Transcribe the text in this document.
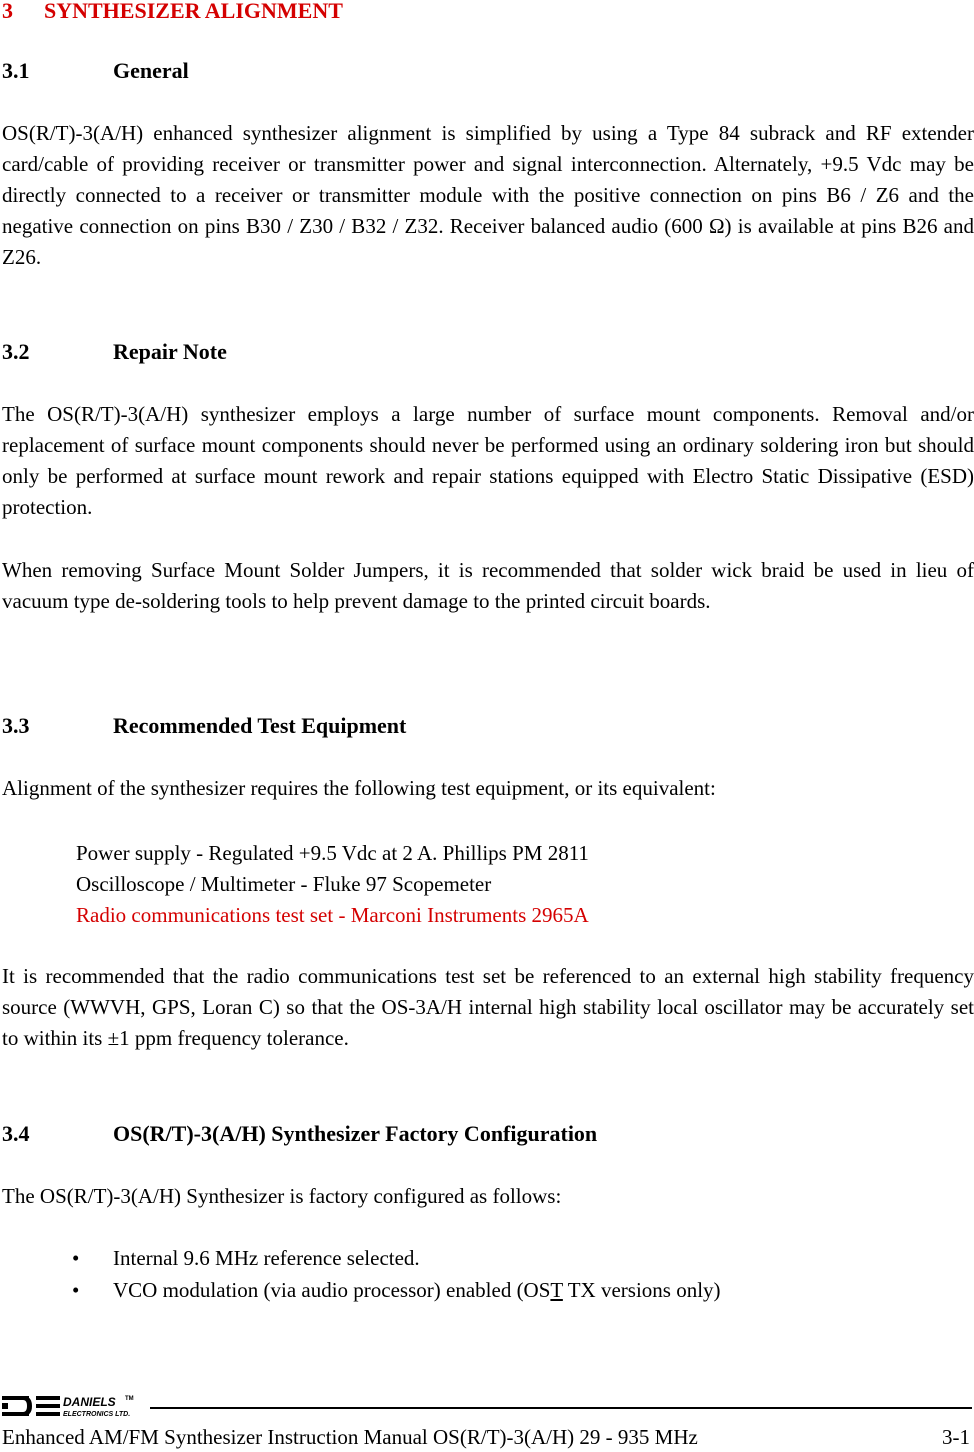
3 SYNTHESIZER ALIGNMENT
3.1	General

OS(R/T)-3(A/H) enhanced synthesizer alignment is simplified by using a Type 84 subrack and RF extender card/cable of providing receiver or transmitter power and signal interconnection. Alternately, +9.5 Vdc may be directly connected to a receiver or transmitter module with the positive connection on pins B6 / Z6 and the negative connection on pins B30 / Z30 / B32 / Z32. Receiver balanced audio (600 Ω) is available at pins B26 and Z26.

3.2	Repair Note

The OS(R/T)-3(A/H) synthesizer employs a large number of surface mount components. Removal and/or replacement of surface mount components should never be performed using an ordinary soldering iron but should only be performed at surface mount rework and repair stations equipped with Electro Static Dissipative (ESD) protection.

When removing Surface Mount Solder Jumpers, it is recommended that solder wick braid be used in lieu of vacuum type de-soldering tools to help prevent damage to the printed circuit boards.

3.3	Recommended Test Equipment

Alignment of the synthesizer requires the following test equipment, or its equivalent:

Power supply - Regulated +9.5 Vdc at 2 A. Phillips PM 2811
Oscilloscope / Multimeter - Fluke 97 Scopemeter
Radio communications test set - Marconi Instruments 2965A

It is recommended that the radio communications test set be referenced to an external high stability frequency source (WWVH, GPS, Loran C) so that the OS-3A/H internal high stability local oscillator may be accurately set to within its ±1 ppm frequency tolerance.

3.4	OS(R/T)-3(A/H) Synthesizer Factory Configuration

The OS(R/T)-3(A/H) Synthesizer is factory configured as follows:

• Internal 9.6 MHz reference selected.
• VCO modulation (via audio processor) enabled (OST TX versions only)
DANIELS TM
ELECTRONICS LTD.
Enhanced AM/FM Synthesizer Instruction Manual OS(R/T)-3(A/H) 29 - 935 MHz	3-1
